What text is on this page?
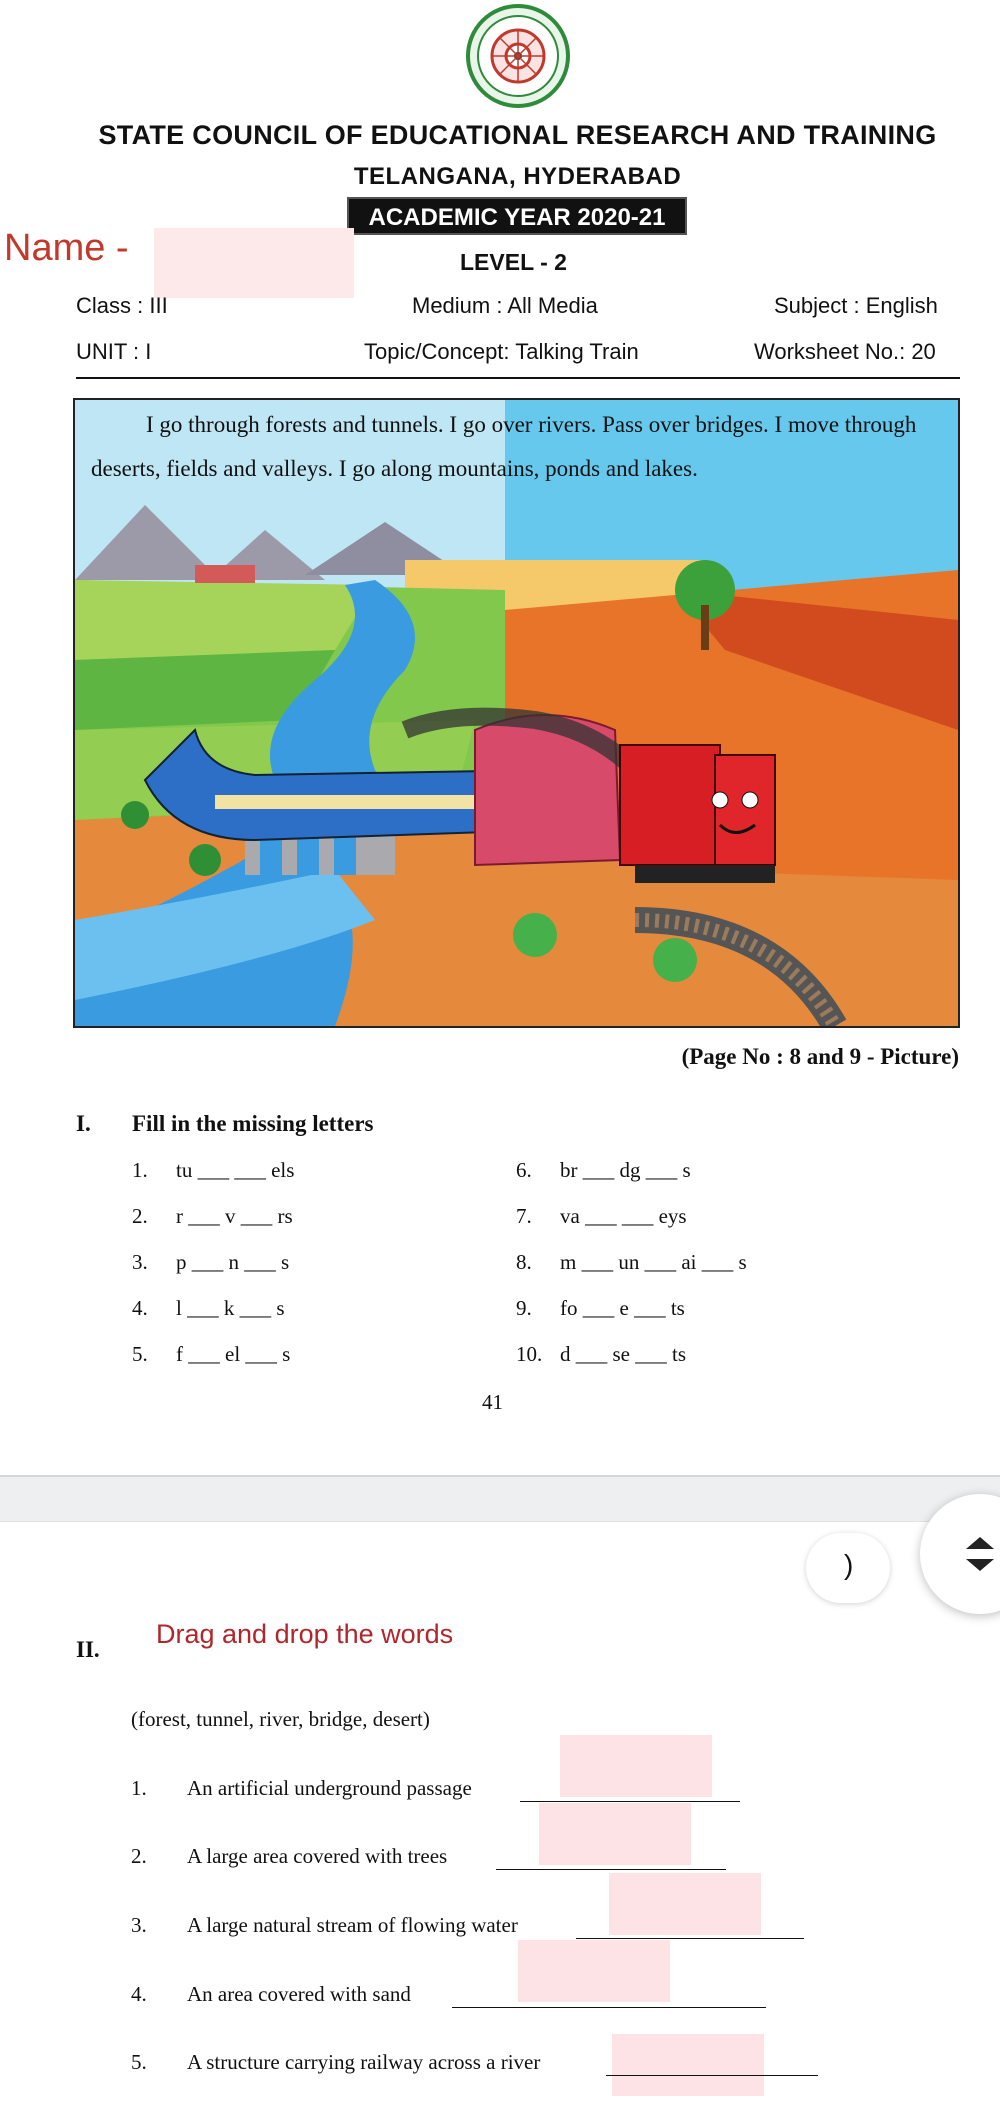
STATE COUNCIL OF EDUCATIONAL RESEARCH AND TRAINING
TELANGANA, HYDERABAD
ACADEMIC YEAR 2020-21
Name -	LEVEL - 2
Class : III	Medium : All Media	Subject : English
UNIT : I	Topic/Concept: Talking Train	Worksheet No.: 20
I go through forests and tunnels. I go over rivers. Pass over bridges. I move through
deserts, fields and valleys. I go along mountains, ponds and lakes.
(Page No : 8 and 9 - Picture)
I. Fill in the missing letters
1. tu ___ ___ els
2. r ___ v ___ rs
3. p ___ n ___ s
4. l ___ k ___ s
5. f ___ el ___ s
6. br ___ dg ___ s
7. va ___ ___ eys
8. m ___ un ___ ai ___ s
9. fo ___ e ___ ts
10. d ___ se ___ ts
41
)
II.
Drag and drop the words
(forest, tunnel, river, bridge, desert)
1. An artificial underground passage
2. A large area covered with trees
3. A large natural stream of flowing water
4. An area covered with sand
5. A structure carrying railway across a river
